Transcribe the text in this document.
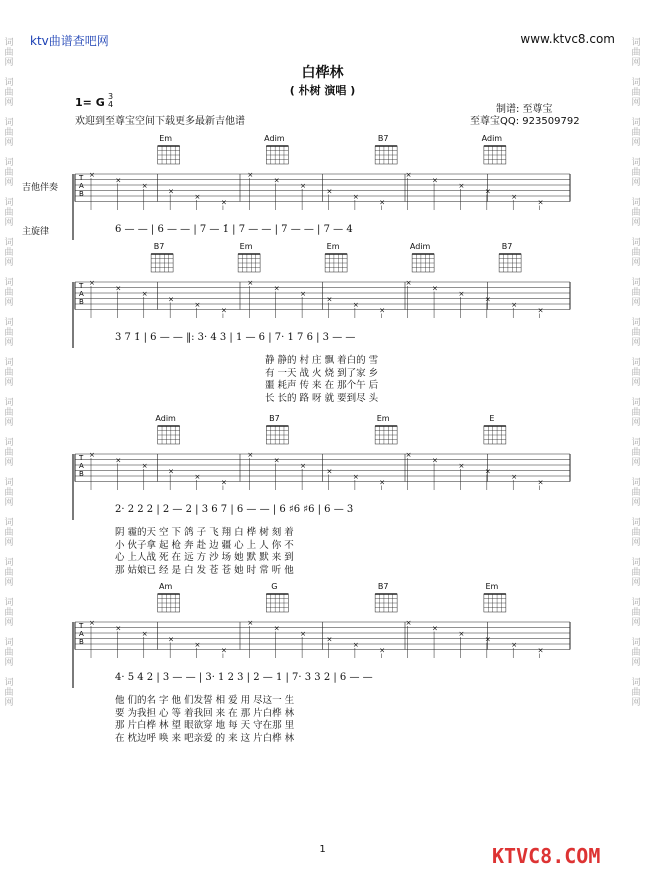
ktv曲谱查吧网	www.ktvc8.com
白桦林
( 朴树 演唱 )
1= G 3
4
欢迎到至尊宝空间下载更多最新吉他谱
制谱: 至尊宝
至尊宝QQ: 923509792
词
曲
网

词
曲
网

词
曲
网

词
曲
网

词
曲
网

词
曲
网

词
曲
网

词
曲
网

词
曲
网

词
曲
网

词
曲
网

词
曲
网

词
曲
网

词
曲
网

词
曲
网

词
曲
网

词
曲
网

词
曲
网

词
曲
网

词
曲
网

词
曲
网

词
曲
网

词
曲
网

词
曲
网

词
曲
网

词
曲
网

词
曲
网

词
曲
网

词
曲
网

词
曲
网

词
曲
网

词
曲
网

词
曲
网

词
曲
网

吉他伴奏
主旋律
×
×
×
×
×
×
×
×
×
×
×
×
×
×
×
×
×
×
T
A
B
×
×
×
×
×
×
×
×
×
×
×
×
×
×
×
×
×
×
T
A
B
×
×
×
×
×
×
×
×
×
×
×
×
×
×
×
×
×
×
T
A
B
×
×
×
×
×
×
×
×
×
×
×
×
×
×
×
×
×
×
T
A
B
Em	Adim	B7	Adim
6 — — | 6 — — | 7 — 1̇ | 7 — — | 7 — — | 7 — 4
B7	Em	Em	Adim	B7
3 7 1̇ | 6 — — ‖: 3· 4 3 | 1 — 6 | 7· 1 7 6 | 3 — —
静 静的 村 庄 飘 着白的 雪
有 一天 战 火 烧 到了家 乡
噩 耗声 传 来 在 那个午 后
长 长的 路 呀 就 要到尽 头
Adim	B7	Em	E
2· 2 2 2 | 2 — 2 | 3 6 7 | 6 — — | 6 ♯6 ♯6 | 6 — 3
阴 霾的天 空 下 鸽 子 飞 翔 白 桦 树 刻 着
小 伙子拿 起 枪 奔 赴 边 疆 心 上 人 你 不
心 上人战 死 在 远 方 沙 场 她 默 默 来 到
那 姑娘已 经 是 白 发 苍 苍 她 时 常 听 他
Am	G	B7	Em
4· 5 4 2 | 3 — — | 3· 1 2 3 | 2 — 1 | 7· 3 3 2 | 6 — —
他 们的名 字 他 们发誓 相 爱 用 尽这一 生
要 为我担 心 等 着我回 来 在 那 片白桦 林
那 片白桦 林 望 眼欲穿 地 每 天 守在那 里
在 枕边呼 唤 来 吧亲爱 的 来 这 片白桦 林
1	KTVC8.COM
